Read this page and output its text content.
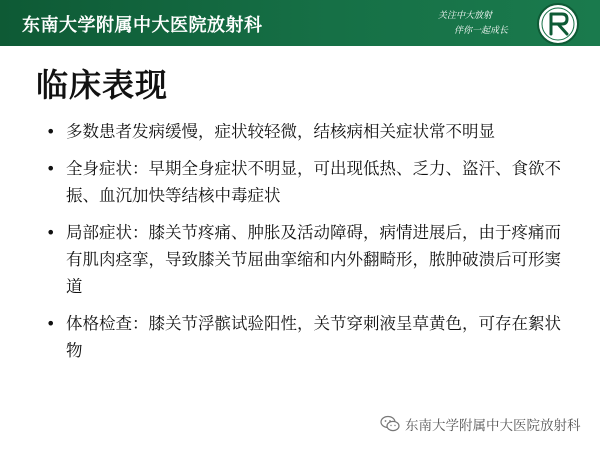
东南大学附属中大医院放射科	关注中大放射
伴你一起成长
临床表现
• 多数患者发病缓慢，症状较轻微，结核病相关症状常不明显
• 全身症状：早期全身症状不明显，可出现低热、乏力、盗汗、食欲不振、血沉加快等结核中毒症状
• 局部症状：膝关节疼痛、肿胀及活动障碍，病情进展后，由于疼痛而有肌肉痉挛，导致膝关节屈曲挛缩和内外翻畸形，脓肿破溃后可形窦道
• 体格检查：膝关节浮髌试验阳性，关节穿刺液呈草黄色，可存在絮状物
东南大学附属中大医院放射科
